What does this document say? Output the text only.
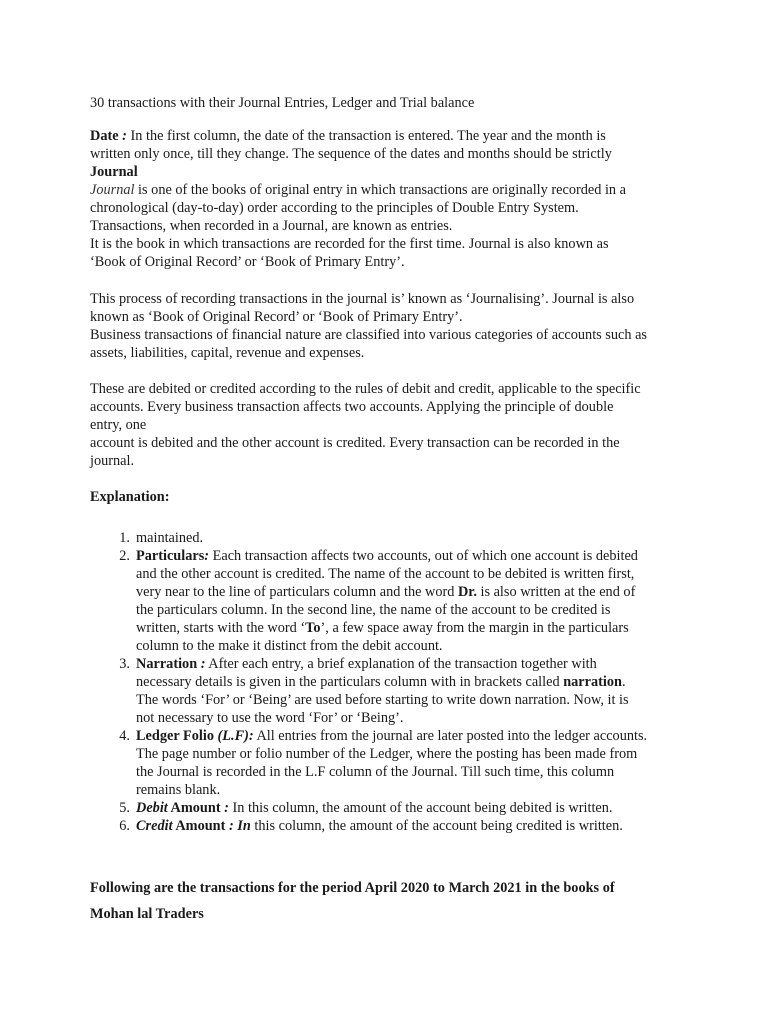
30 transactions with their Journal Entries, Ledger and Trial balance

Date : In the first column, the date of the transaction is entered. The year and the month is

written only once, till they change. The sequence of the dates and months should be strictly

Journal

Journal is one of the books of original entry in which transactions are originally recorded in a

chronological (day-to-day) order according to the principles of Double Entry System.

Transactions, when recorded in a Journal, are known as entries.

It is the book in which transactions are recorded for the first time. Journal is also known as

‘Book of Original Record’ or ‘Book of Primary Entry’.

This process of recording transactions in the journal is’ known as ‘Journalising’. Journal is also

known as ‘Book of Original Record’ or ‘Book of Primary Entry’.

Business transactions of financial nature are classified into various categories of accounts such as

assets, liabilities, capital, revenue and expenses.

These are debited or credited according to the rules of debit and credit, applicable to the specific

accounts. Every business transaction affects two accounts. Applying the principle of double

entry, one

account is debited and the other account is credited. Every transaction can be recorded in the

journal.

Explanation:

1. maintained.

2. Particulars: Each transaction affects two accounts, out of which one account is debited

and the other account is credited. The name of the account to be debited is written first,

very near to the line of particulars column and the word Dr. is also written at the end of

the particulars column. In the second line, the name of the account to be credited is

written, starts with the word ‘To’, a few space away from the margin in the particulars

column to the make it distinct from the debit account.

3. Narration : After each entry, a brief explanation of the transaction together with

necessary details is given in the particulars column with in brackets called narration.

The words ‘For’ or ‘Being’ are used before starting to write down narration. Now, it is

not necessary to use the word ‘For’ or ‘Being’.

4. Ledger Folio (L.F): All entries from the journal are later posted into the ledger accounts.

The page number or folio number of the Ledger, where the posting has been made from

the Journal is recorded in the L.F column of the Journal. Till such time, this column

remains blank.

5. Debit Amount : In this column, the amount of the account being debited is written.

6. Credit Amount : In this column, the amount of the account being credited is written.

Following are the transactions for the period April 2020 to March 2021 in the books of

Mohan lal Traders
